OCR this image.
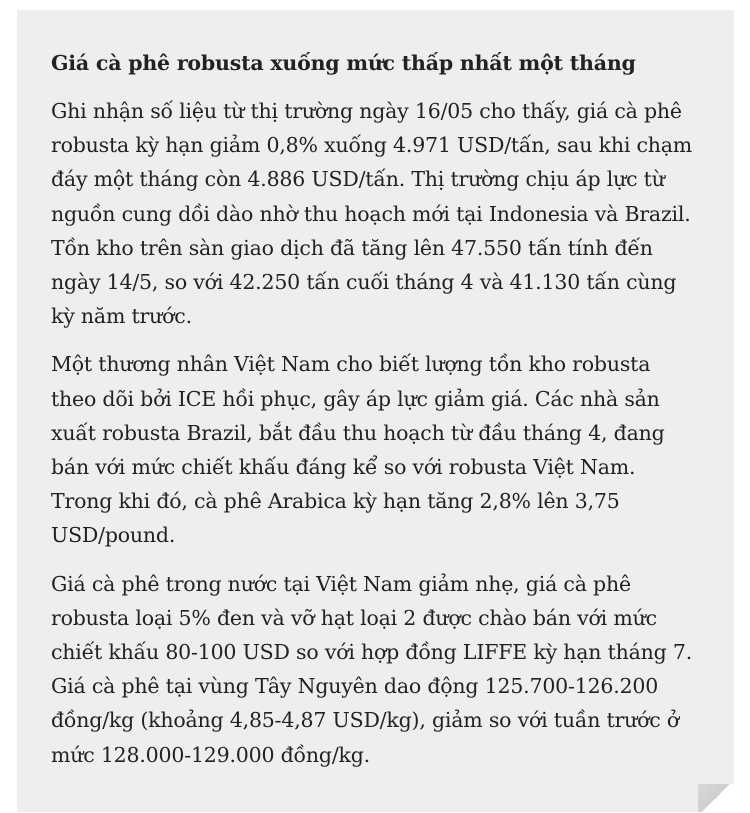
Giá cà phê robusta xuống mức thấp nhất một tháng

Ghi nhận số liệu từ thị trường ngày 16/05 cho thấy, giá cà phê robusta kỳ hạn giảm 0,8% xuống 4.971 USD/tấn, sau khi chạm đáy một tháng còn 4.886 USD/tấn. Thị trường chịu áp lực từ nguồn cung dồi dào nhờ thu hoạch mới tại Indonesia và Brazil. Tồn kho trên sàn giao dịch đã tăng lên 47.550 tấn tính đến ngày 14/5, so với 42.250 tấn cuối tháng 4 và 41.130 tấn cùng kỳ năm trước.

Một thương nhân Việt Nam cho biết lượng tồn kho robusta theo dõi bởi ICE hồi phục, gây áp lực giảm giá. Các nhà sản xuất robusta Brazil, bắt đầu thu hoạch từ đầu tháng 4, đang bán với mức chiết khấu đáng kể so với robusta Việt Nam. Trong khi đó, cà phê Arabica kỳ hạn tăng 2,8% lên 3,75 USD/pound.

Giá cà phê trong nước tại Việt Nam giảm nhẹ, giá cà phê robusta loại 5% đen và vỡ hạt loại 2 được chào bán với mức chiết khấu 80-100 USD so với hợp đồng LIFFE kỳ hạn tháng 7. Giá cà phê tại vùng Tây Nguyên dao động 125.700-126.200 đồng/kg (khoảng 4,85-4,87 USD/kg), giảm so với tuần trước ở mức 128.000-129.000 đồng/kg.
